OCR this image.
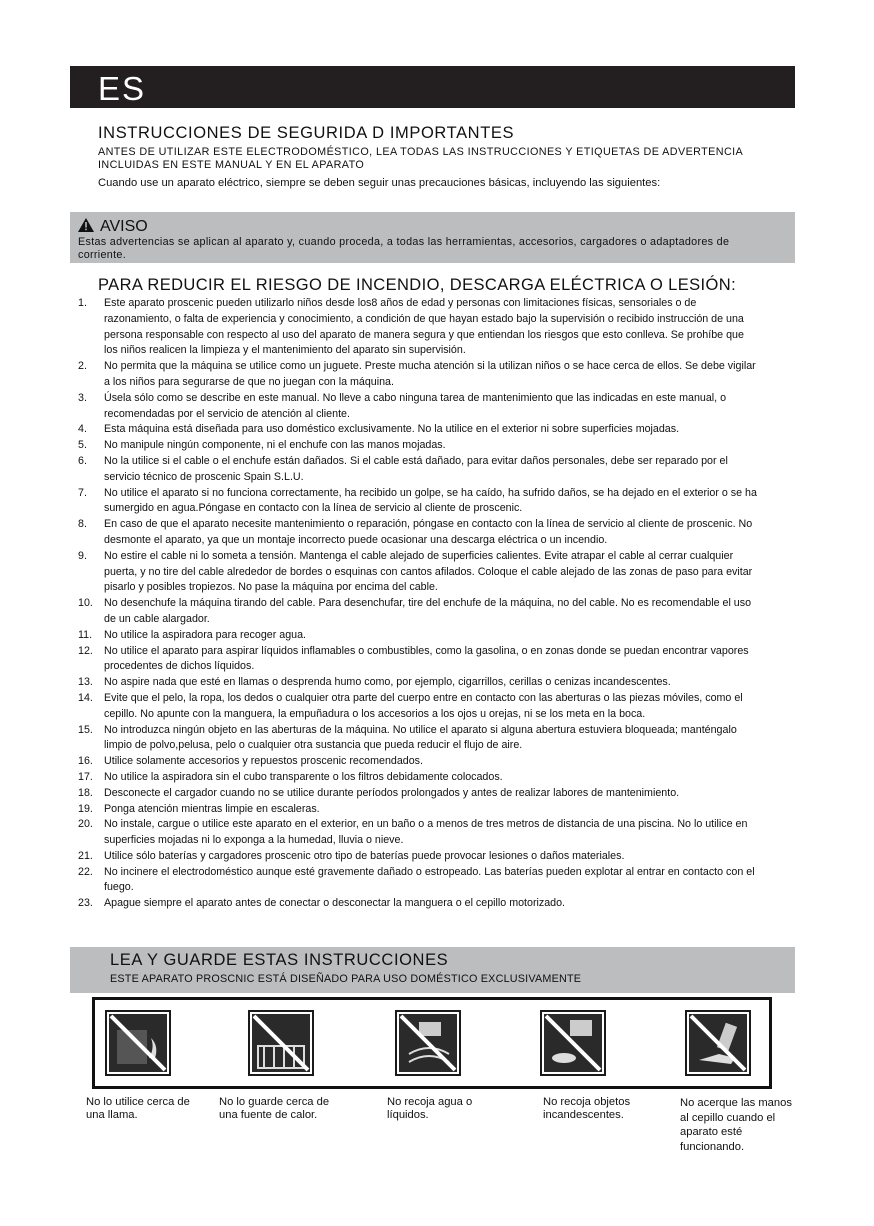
ES
INSTRUCCIONES DE SEGURIDA D IMPORTANTES
ANTES DE UTILIZAR ESTE ELECTRODOMÉSTICO, LEA TODAS LAS INSTRUCCIONES Y ETIQUETAS DE ADVERTENCIA
INCLUIDAS EN ESTE MANUAL Y EN EL APARATO
Cuando use un aparato eléctrico, siempre se deben seguir unas precauciones básicas, incluyendo las siguientes:
AVISO
Estas advertencias se aplican al aparato y, cuando proceda, a todas las herramientas, accesorios, cargadores o adaptadores de corriente.
PARA REDUCIR EL RIESGO DE INCENDIO, DESCARGA ELÉCTRICA O LESIÓN:
1.	Este aparato proscenic pueden utilizarlo niños desde los8 años de edad y personas con limitaciones físicas, sensoriales o de razonamiento, o falta de experiencia y conocimiento, a condición de que hayan estado bajo la supervisión o recibido instrucción de una persona responsable con respecto al uso del aparato de manera segura y que entiendan los riesgos que esto conlleva. Se prohíbe que los niños realicen la limpieza y el mantenimiento del aparato sin supervisión.
2.	No permita que la máquina se utilice como un juguete. Preste mucha atención si la utilizan niños o se hace cerca de ellos. Se debe vigilar a los niños para segurarse de que no juegan con la máquina.
3.	Úsela sólo como se describe en este manual. No lleve a cabo ninguna tarea de mantenimiento que las indicadas en este manual, o recomendadas por el servicio de atención al cliente.
4.	Esta máquina está diseñada para uso doméstico exclusivamente. No la utilice en el exterior ni sobre superficies mojadas.
5.	No manipule ningún componente, ni el enchufe con las manos mojadas.
6.	No la utilice si el cable o el enchufe están dañados. Si el cable está dañado, para evitar daños personales, debe ser reparado por el servicio técnico de proscenic Spain S.L.U.
7.	No utilice el aparato si no funciona correctamente, ha recibido un golpe, se ha caído, ha sufrido daños, se ha dejado en el exterior o se ha sumergido en agua.Póngase en contacto con la línea de servicio al cliente de proscenic.
8.	En caso de que el aparato necesite mantenimiento o reparación, póngase en contacto con la línea de servicio al cliente de proscenic. No desmonte el aparato, ya que un montaje incorrecto puede ocasionar una descarga eléctrica o un incendio.
9.	No estire el cable ni lo someta a tensión. Mantenga el cable alejado de superficies calientes. Evite atrapar el cable al cerrar cualquier puerta, y no tire del cable alrededor de bordes o esquinas con cantos afilados. Coloque el cable alejado de las zonas de paso para evitar pisarlo y posibles tropiezos. No pase la máquina por encima del cable.
10.	No desenchufe la máquina tirando del cable. Para desenchufar, tire del enchufe de la máquina, no del cable. No es recomendable el uso de un cable alargador.
11.	No utilice la aspiradora para recoger agua.
12.	No utilice el aparato para aspirar líquidos inflamables o combustibles, como la gasolina, o en zonas donde se puedan encontrar vapores procedentes de dichos líquidos.
13.	No aspire nada que esté en llamas o desprenda humo como, por ejemplo, cigarrillos, cerillas o cenizas incandescentes.
14.	Evite que el pelo, la ropa, los dedos o cualquier otra parte del cuerpo entre en contacto con las aberturas o las piezas móviles, como el cepillo. No apunte con la manguera, la empuñadura o los accesorios a los ojos u orejas, ni se los meta en la boca.
15.	No introduzca ningún objeto en las aberturas de la máquina. No utilice el aparato si alguna abertura estuviera bloqueada; manténgalo limpio de polvo,pelusa, pelo o cualquier otra sustancia que pueda reducir el flujo de aire.
16.	Utilice solamente accesorios y repuestos proscenic recomendados.
17.	No utilice la aspiradora sin el cubo transparente o los filtros debidamente colocados.
18.	Desconecte el cargador cuando no se utilice durante períodos prolongados y antes de realizar labores de mantenimiento.
19.	Ponga atención mientras limpie en escaleras.
20.	No instale, cargue o utilice este aparato en el exterior, en un baño o a menos de tres metros de distancia de una piscina. No lo utilice en superficies mojadas ni lo exponga a la humedad, lluvia o nieve.
21.	Utilice sólo baterías y cargadores proscenic otro tipo de baterías puede provocar lesiones o daños materiales.
22.	No incinere el electrodoméstico aunque esté gravemente dañado o estropeado. Las baterías pueden explotar al entrar en contacto con el fuego.
23.	Apague siempre el aparato antes de conectar o desconectar la manguera o el cepillo motorizado.
LEA Y GUARDE ESTAS INSTRUCCIONES
ESTE APARATO PROSCNIC ESTÁ DISEÑADO PARA USO DOMÉSTICO EXCLUSIVAMENTE
No lo utilice cerca de una llama.
No lo guarde cerca de una fuente de calor.
No recoja agua o líquidos.
No recoja objetos incandescentes.
No acerque las manos al cepillo cuando el aparato esté funcionando.
